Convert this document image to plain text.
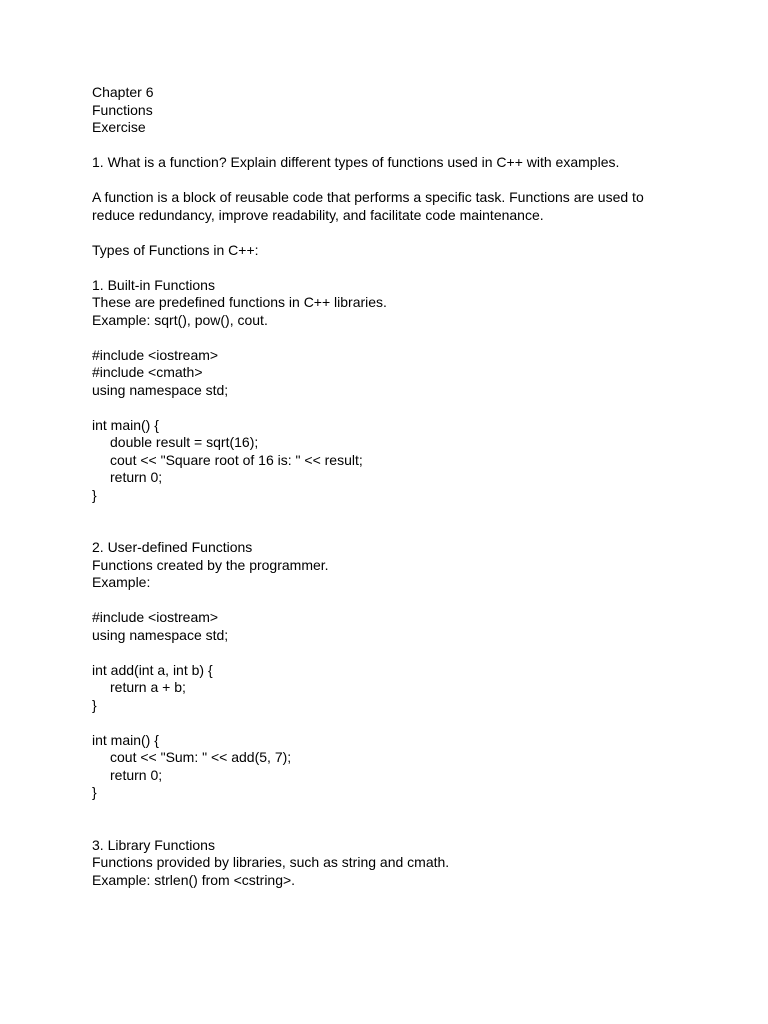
Chapter 6
Functions
Exercise

1. What is a function? Explain different types of functions used in C++ with examples.

A function is a block of reusable code that performs a specific task. Functions are used to
reduce redundancy, improve readability, and facilitate code maintenance.

Types of Functions in C++:

1. Built-in Functions
These are predefined functions in C++ libraries.
Example: sqrt(), pow(), cout.

#include <iostream>
#include <cmath>
using namespace std;

int main() {
double result = sqrt(16);
cout << "Square root of 16 is: " << result;
return 0;
}

2. User-defined Functions
Functions created by the programmer.
Example:

#include <iostream>
using namespace std;

int add(int a, int b) {
return a + b;
}

int main() {
cout << "Sum: " << add(5, 7);
return 0;
}

3. Library Functions
Functions provided by libraries, such as string and cmath.
Example: strlen() from <cstring>.
